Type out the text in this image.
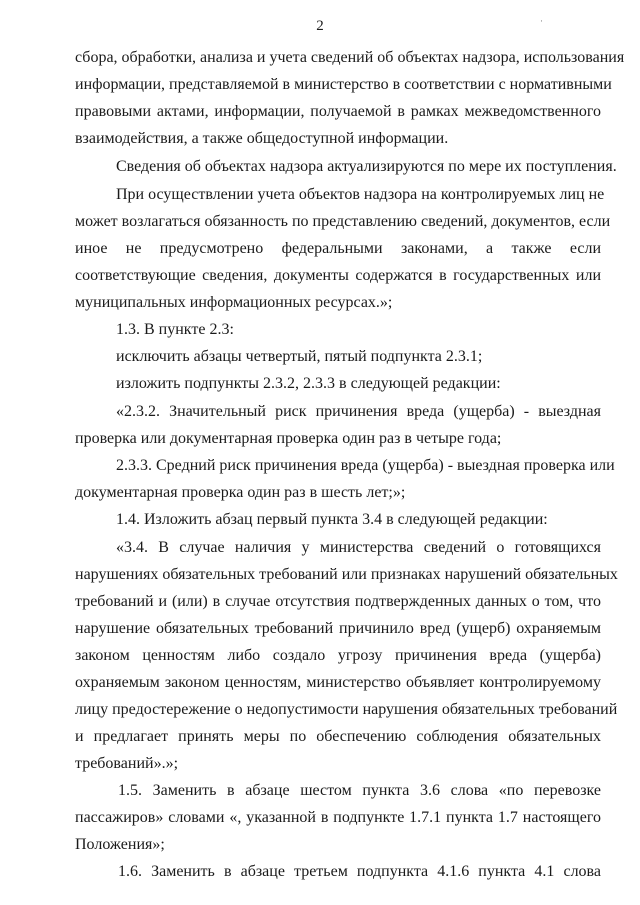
2	·
сбора, обработки, анализа и учета сведений об объектах надзора, использования
информации, представляемой в министерство в соответствии с нормативными
правовыми актами, информации, получаемой в рамках межведомственного
взаимодействия, а также общедоступной информации.
Сведения об объектах надзора актуализируются по мере их поступления.
При осуществлении учета объектов надзора на контролируемых лиц не
может возлагаться обязанность по представлению сведений, документов, если
иное не предусмотрено федеральными законами, а также если
соответствующие сведения, документы содержатся в государственных или
муниципальных информационных ресурсах.»;
1.3. В пункте 2.3:
исключить абзацы четвертый, пятый подпункта 2.3.1;
изложить подпункты 2.3.2, 2.3.3 в следующей редакции:
«2.3.2. Значительный риск причинения вреда (ущерба) - выездная
проверка или документарная проверка один раз в четыре года;
2.3.3. Средний риск причинения вреда (ущерба) - выездная проверка или
документарная проверка один раз в шесть лет;»;
1.4. Изложить абзац первый пункта 3.4 в следующей редакции:
«3.4. В случае наличия у министерства сведений о готовящихся
нарушениях обязательных требований или признаках нарушений обязательных
требований и (или) в случае отсутствия подтвержденных данных о том, что
нарушение обязательных требований причинило вред (ущерб) охраняемым
законом ценностям либо создало угрозу причинения вреда (ущерба)
охраняемым законом ценностям, министерство объявляет контролируемому
лицу предостережение о недопустимости нарушения обязательных требований
и предлагает принять меры по обеспечению соблюдения обязательных
требований».»;
1.5. Заменить в абзаце шестом пункта 3.6 слова «по перевозке
пассажиров» словами «, указанной в подпункте 1.7.1 пункта 1.7 настоящего
Положения»;
1.6. Заменить в абзаце третьем подпункта 4.1.6 пункта 4.1 слова
